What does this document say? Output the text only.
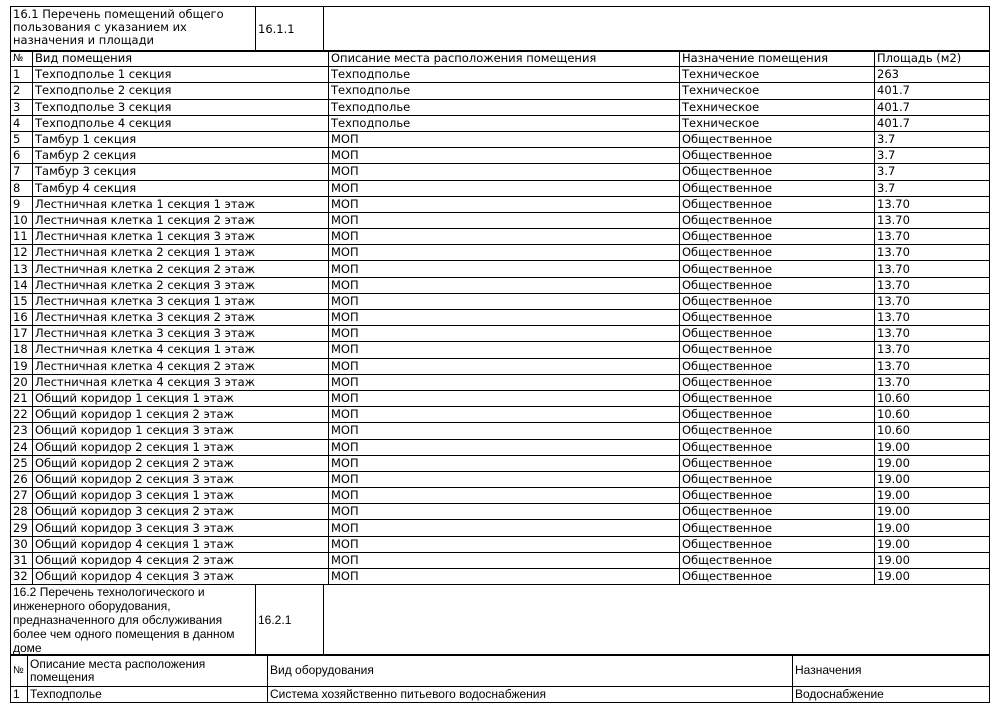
16.1 Перечень помещений общего пользования с указанием их назначения и площади	16.1.1	
№	Вид помещения	Описание места расположения помещения	Назначение помещения	Площадь (м2)
1	Техподполье 1 секция	Техподполье	Техническое	263
2	Техподполье 2 секция	Техподполье	Техническое	401.7
3	Техподполье 3 секция	Техподполье	Техническое	401.7
4	Техподполье 4 секция	Техподполье	Техническое	401.7
5	Тамбур 1 секция	МОП	Общественное	3.7
6	Тамбур 2 секция	МОП	Общественное	3.7
7	Тамбур 3 секция	МОП	Общественное	3.7
8	Тамбур 4 секция	МОП	Общественное	3.7
9	Лестничная клетка 1 секция 1 этаж	МОП	Общественное	13.70
10	Лестничная клетка 1 секция 2 этаж	МОП	Общественное	13.70
11	Лестничная клетка 1 секция 3 этаж	МОП	Общественное	13.70
12	Лестничная клетка 2 секция 1 этаж	МОП	Общественное	13.70
13	Лестничная клетка 2 секция 2 этаж	МОП	Общественное	13.70
14	Лестничная клетка 2 секция 3 этаж	МОП	Общественное	13.70
15	Лестничная клетка 3 секция 1 этаж	МОП	Общественное	13.70
16	Лестничная клетка 3 секция 2 этаж	МОП	Общественное	13.70
17	Лестничная клетка 3 секция 3 этаж	МОП	Общественное	13.70
18	Лестничная клетка 4 секция 1 этаж	МОП	Общественное	13.70
19	Лестничная клетка 4 секция 2 этаж	МОП	Общественное	13.70
20	Лестничная клетка 4 секция 3 этаж	МОП	Общественное	13.70
21	Общий коридор 1 секция 1 этаж	МОП	Общественное	10.60
22	Общий коридор 1 секция 2 этаж	МОП	Общественное	10.60
23	Общий коридор 1 секция 3 этаж	МОП	Общественное	10.60
24	Общий коридор 2 секция 1 этаж	МОП	Общественное	19.00
25	Общий коридор 2 секция 2 этаж	МОП	Общественное	19.00
26	Общий коридор 2 секция 3 этаж	МОП	Общественное	19.00
27	Общий коридор 3 секция 1 этаж	МОП	Общественное	19.00
28	Общий коридор 3 секция 2 этаж	МОП	Общественное	19.00
29	Общий коридор 3 секция 3 этаж	МОП	Общественное	19.00
30	Общий коридор 4 секция 1 этаж	МОП	Общественное	19.00
31	Общий коридор 4 секция 2 этаж	МОП	Общественное	19.00
32	Общий коридор 4 секция 3 этаж	МОП	Общественное	19.00
16.2 Перечень технологического и инженерного оборудования, предназначенного для обслуживания более чем одного помещения в данном доме	16.2.1	
№	Описание места расположения помещения	Вид оборудования	Назначения
1	Техподполье	Система хозяйственно питьевого водоснабжения	Водоснабжение
